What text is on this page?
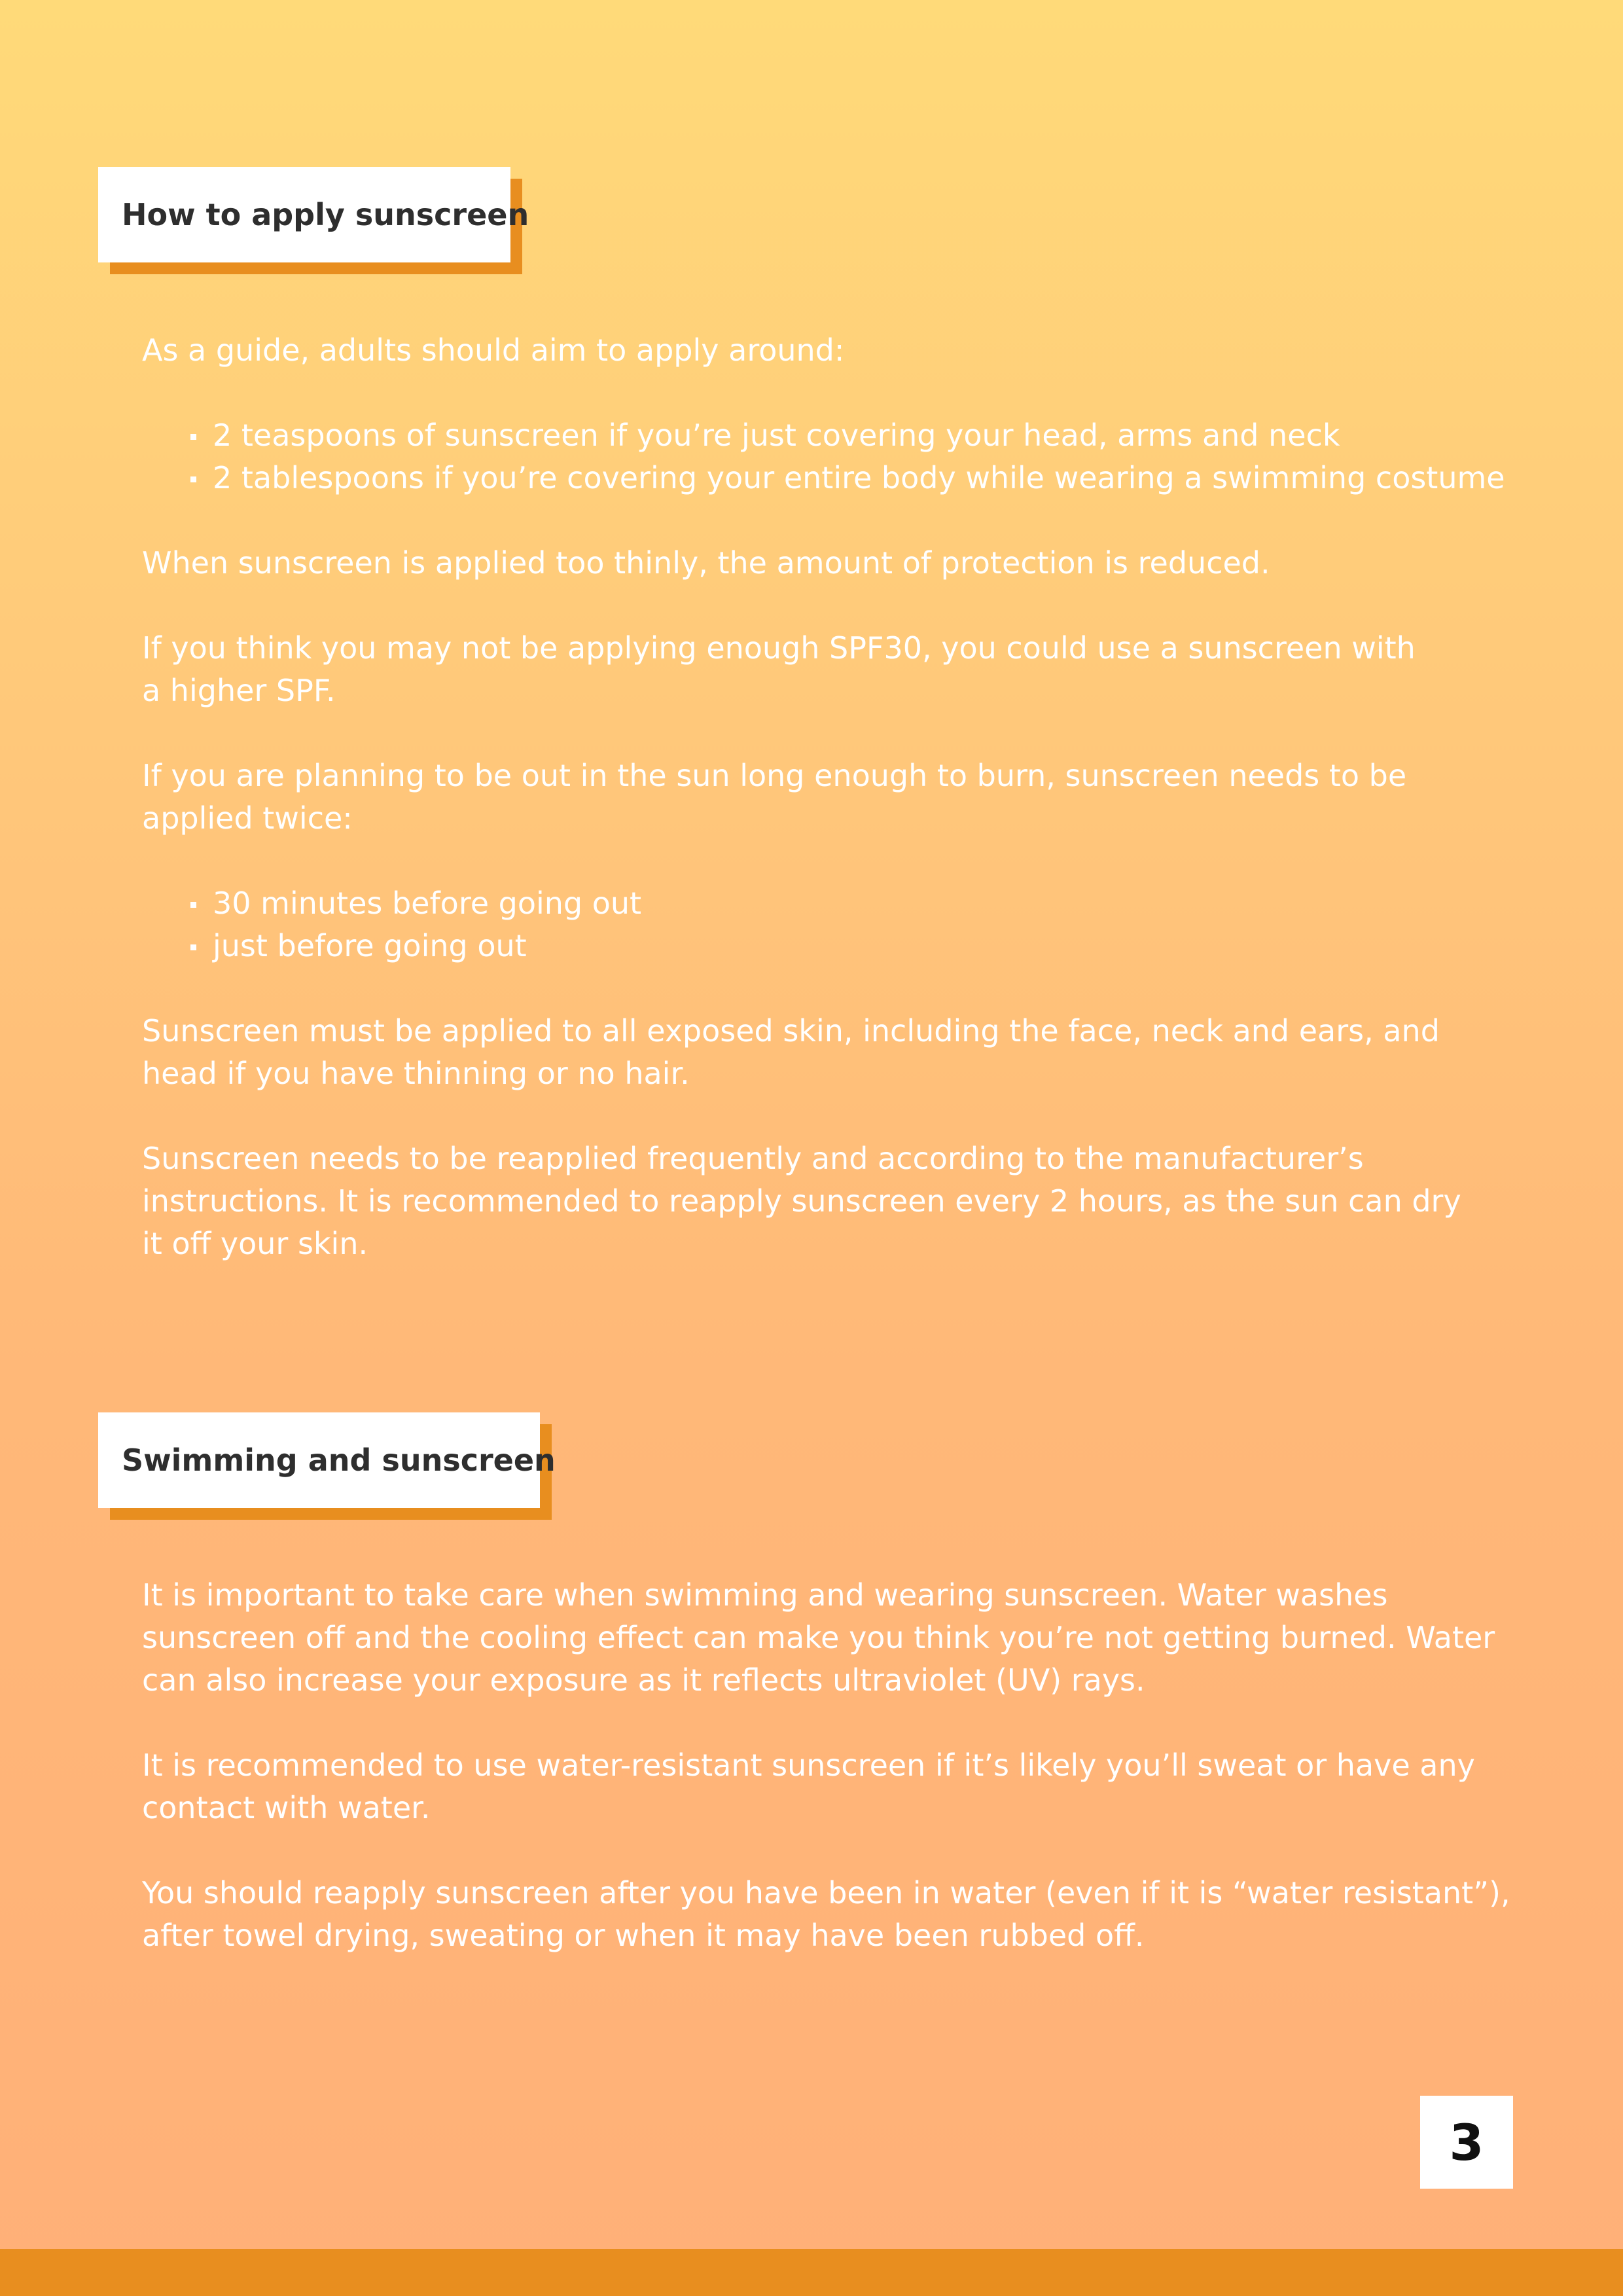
How to apply sunscreen

As a guide, adults should aim to apply around:

2 teaspoons of sunscreen if you’re just covering your head, arms and neck
2 tablespoons if you’re covering your entire body while wearing a swimming costume

When sunscreen is applied too thinly, the amount of protection is reduced.

If you think you may not be applying enough SPF30, you could use a sunscreen with a higher SPF.

If you are planning to be out in the sun long enough to burn, sunscreen needs to be applied twice:

30 minutes before going out
just before going out

Sunscreen must be applied to all exposed skin, including the face, neck and ears, and head if you have thinning or no hair.

Sunscreen needs to be reapplied frequently and according to the manufacturer’s instructions. It is recommended to reapply sunscreen every 2 hours, as the sun can dry it off your skin.

Swimming and sunscreen

It is important to take care when swimming and wearing sunscreen. Water washes sunscreen off and the cooling effect can make you think you’re not getting burned. Water can also increase your exposure as it reflects ultraviolet (UV) rays.

It is recommended to use water-resistant sunscreen if it’s likely you’ll sweat or have any contact with water.

You should reapply sunscreen after you have been in water (even if it is “water resistant”), after towel drying, sweating or when it may have been rubbed off.

3
